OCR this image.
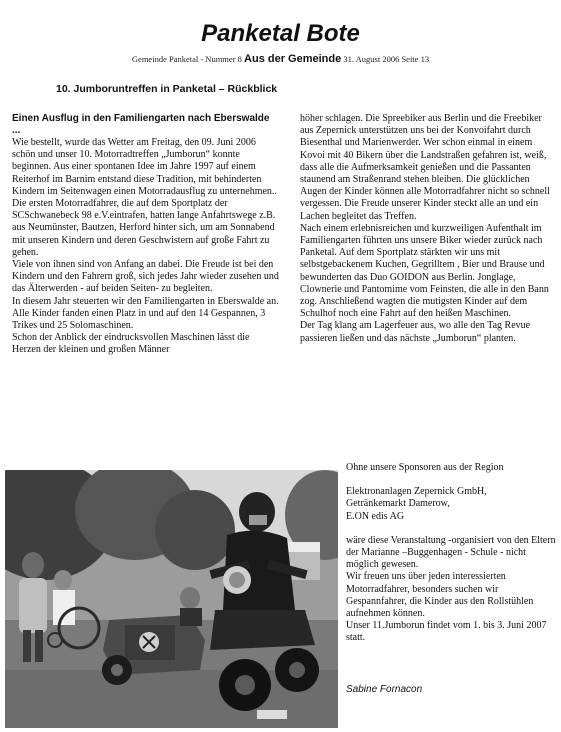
Panketal Bote
Gemeinde Panketal - Nummer 8 Aus der Gemeinde 31. August 2006 Seite 13
10. Jumboruntreffen in Panketal – Rückblick

Einen Ausflug in den Familiengarten nach Eberswalde ...

Wie bestellt, wurde das Wetter am Freitag, den 09. Juni 2006 schön und unser 10. Motorradtreffen „Jumborun“ konnte beginnen. Aus einer spontanen Idee im Jahre 1997 auf einem Reiterhof im Barnim entstand diese Tradition, mit behinderten Kindern im Seitenwagen einen Motorradausflug zu unternehmen..

Die ersten Motorradfahrer, die auf dem Sportplatz der SCSchwanebeck 98 e.V.eintrafen, hatten lange Anfahrtswege z.B. aus Neumünster, Bautzen, Herford hinter sich, um am Sonnabend mit unseren Kindern und deren Geschwistern auf große Fahrt zu gehen.

Viele von ihnen sind von Anfang an dabei. Die Freude ist bei den Kindern und den Fahrern groß, sich jedes Jahr wieder zusehen und das Älterwerden - auf beiden Seiten- zu begleiten.

In diesem Jahr steuerten wir den Familiengarten in Eberswalde an. Alle Kinder fanden einen Platz in und auf den 14 Gespannen, 3 Trikes und 25 Solomaschinen.

Schon der Anblick der eindrucksvollen Maschinen lässt die Herzen der kleinen und großen Männer

höher schlagen. Die Spreebiker aus Berlin und die Freebiker aus Zepernick unterstützen uns bei der Konvoifahrt durch Biesenthal und Marienwerder. Wer schon einmal in einem Kovoi mit 40 Bikern über die Landstraßen gefahren ist, weiß, dass alle die Aufmerksamkeit genießen und die Passanten staunend am Straßenrand stehen bleiben. Die glücklichen Augen der Kinder können alle Motorradfahrer nicht so schnell vergessen. Die Freude unserer Kinder steckt alle an und ein Lachen begleitet das Treffen.

Nach einem erlebnisreichen und kurzweiligen Aufenthalt im Familiengarten führten uns unsere Biker wieder zurück nach Panketal. Auf dem Sportplatz stärkten wir uns mit selbstgebackenem Kuchen, Gegrilltem , Bier und Brause und bewunderten das Duo GOIDON aus Berlin. Jonglage, Clownerie und Pantomime vom Feinsten, die alle in den Bann zog. Anschließend wagten die mutigsten Kinder auf dem Schulhof noch eine Fahrt auf den heißen Maschinen.

Der Tag klang am Lagerfeuer aus, wo alle den Tag Revue passieren ließen und das nächste „Jumborun“ planten.

Ohne unsere Sponsoren aus der Region

Elektronanlagen Zepernick GmbH,

Getränkemarkt Damerow,

E.ON edis AG

wäre diese Veranstaltung -organisiert von den Eltern der Marianne –Buggenhagen - Schule - nicht möglich gewesen.

Wir freuen uns über jeden interessierten Motorradfahrer, besonders suchen wir Gespannfahrer, die Kinder aus den Rollstühlen aufnehmen können.

Unser 11.Jumborun findet vom 1. bis 3. Juni 2007 statt.

Sabine Fornacon
